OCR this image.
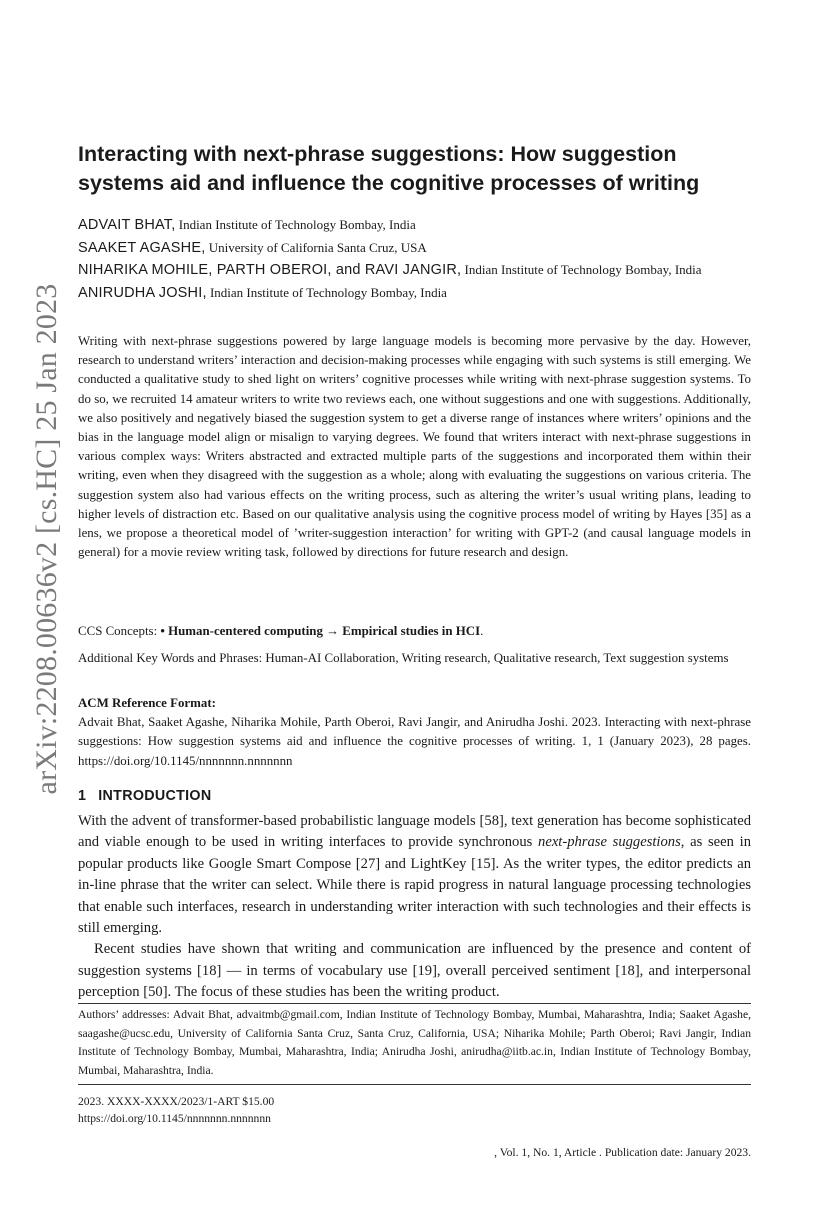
arXiv:2208.00636v2 [cs.HC] 25 Jan 2023
Interacting with next-phrase suggestions: How suggestion systems aid and influence the cognitive processes of writing
ADVAIT BHAT, Indian Institute of Technology Bombay, India
SAAKET AGASHE, University of California Santa Cruz, USA
NIHARIKA MOHILE, PARTH OBEROI, and RAVI JANGIR, Indian Institute of Technology Bombay, India
ANIRUDHA JOSHI, Indian Institute of Technology Bombay, India

Writing with next-phrase suggestions powered by large language models is becoming more pervasive by the day. However, research to understand writers’ interaction and decision-making processes while engaging with such systems is still emerging. We conducted a qualitative study to shed light on writers’ cognitive processes while writing with next-phrase suggestion systems. To do so, we recruited 14 amateur writers to write two reviews each, one without suggestions and one with suggestions. Additionally, we also positively and negatively biased the suggestion system to get a diverse range of instances where writers’ opinions and the bias in the language model align or misalign to varying degrees. We found that writers interact with next-phrase suggestions in various complex ways: Writers abstracted and extracted multiple parts of the suggestions and incorporated them within their writing, even when they disagreed with the suggestion as a whole; along with evaluating the suggestions on various criteria. The suggestion system also had various effects on the writing process, such as altering the writer’s usual writing plans, leading to higher levels of distraction etc. Based on our qualitative analysis using the cognitive process model of writing by Hayes [35] as a lens, we propose a theoretical model of ’writer-suggestion interaction’ for writing with GPT-2 (and causal language models in general) for a movie review writing task, followed by directions for future research and design.

CCS Concepts: • Human-centered computing → Empirical studies in HCI.

Additional Key Words and Phrases: Human-AI Collaboration, Writing research, Qualitative research, Text suggestion systems

ACM Reference Format:

Advait Bhat, Saaket Agashe, Niharika Mohile, Parth Oberoi, Ravi Jangir, and Anirudha Joshi. 2023. Interacting with next-phrase suggestions: How suggestion systems aid and influence the cognitive processes of writing. 1, 1 (January 2023), 28 pages. https://doi.org/10.1145/nnnnnnn.nnnnnnn

1 INTRODUCTION

With the advent of transformer-based probabilistic language models [58], text generation has become sophisticated and viable enough to be used in writing interfaces to provide synchronous next-phrase suggestions, as seen in popular products like Google Smart Compose [27] and LightKey [15]. As the writer types, the editor predicts an in-line phrase that the writer can select. While there is rapid progress in natural language processing technologies that enable such interfaces, research in understanding writer interaction with such technologies and their effects is still emerging.

Recent studies have shown that writing and communication are influenced by the presence and content of suggestion systems [18] — in terms of vocabulary use [19], overall perceived sentiment [18], and interpersonal perception [50]. The focus of these studies has been the writing product.

Authors’ addresses: Advait Bhat, advaitmb@gmail.com, Indian Institute of Technology Bombay, Mumbai, Maharashtra, India; Saaket Agashe, saagashe@ucsc.edu, University of California Santa Cruz, Santa Cruz, California, USA; Niharika Mohile; Parth Oberoi; Ravi Jangir, Indian Institute of Technology Bombay, Mumbai, Maharashtra, India; Anirudha Joshi, anirudha@iitb.ac.in, Indian Institute of Technology Bombay, Mumbai, Maharashtra, India.

2023. XXXX-XXXX/2023/1-ART $15.00

https://doi.org/10.1145/nnnnnnn.nnnnnnn

, Vol. 1, No. 1, Article . Publication date: January 2023.
